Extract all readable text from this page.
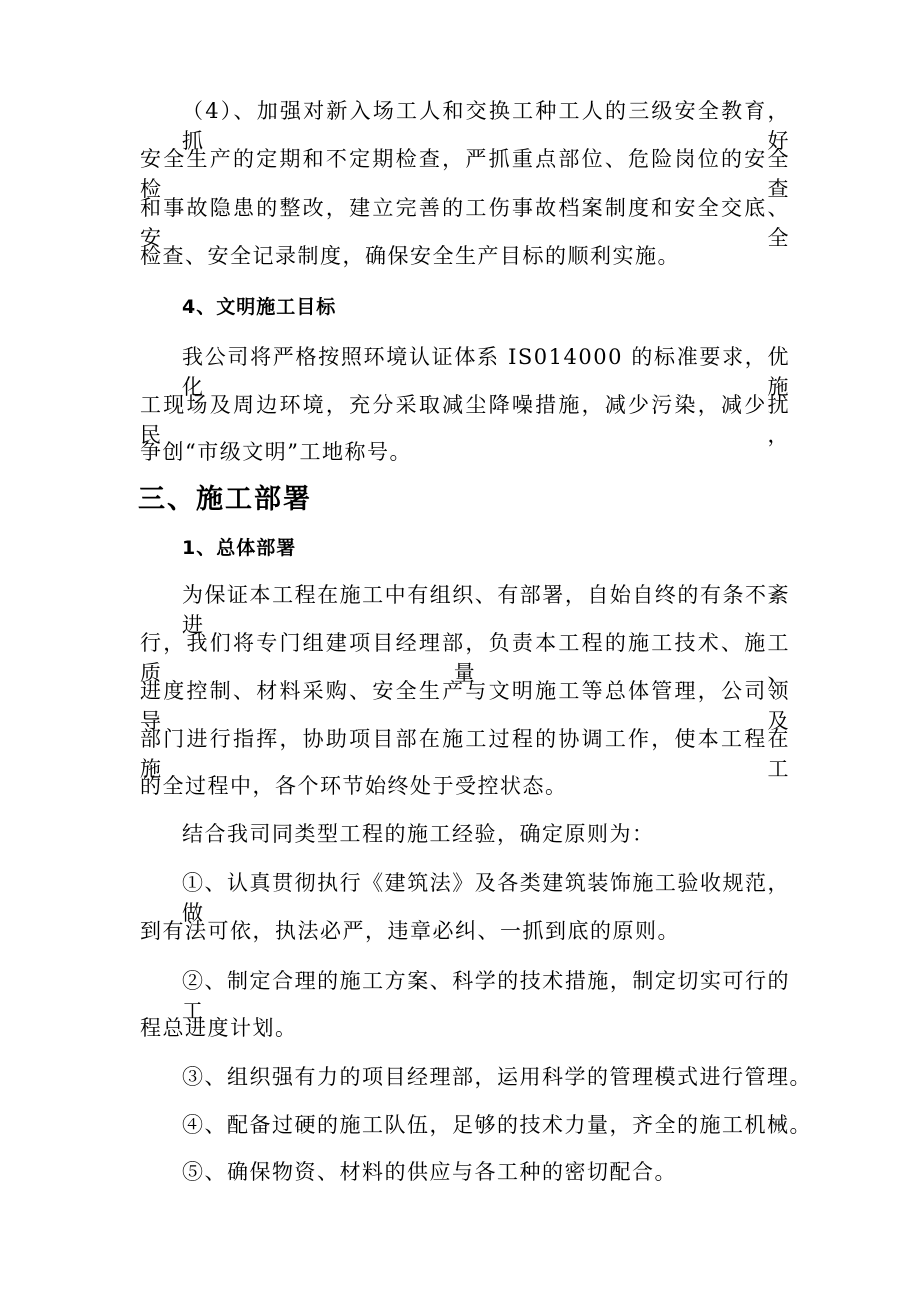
（4）、加强对新入场工人和交换工种工人的三级安全教育，抓好
安全生产的定期和不定期检查，严抓重点部位、危险岗位的安全检查
和事故隐患的整改，建立完善的工伤事故档案制度和安全交底、安全
检查、安全记录制度，确保安全生产目标的顺利实施。
4、文明施工目标
我公司将严格按照环境认证体系 IS014000 的标准要求，优化施
工现场及周边环境，充分采取减尘降噪措施，减少污染，减少扰民，
争创“市级文明”工地称号。
三、施工部署
1、总体部署
为保证本工程在施工中有组织、有部署，自始自终的有条不紊进
行，我们将专门组建项目经理部，负责本工程的施工技术、施工质量、
进度控制、材料采购、安全生产与文明施工等总体管理，公司领导及
部门进行指挥，协助项目部在施工过程的协调工作，使本工程在施工
的全过程中，各个环节始终处于受控状态。
结合我司同类型工程的施工经验，确定原则为：
①、认真贯彻执行《建筑法》及各类建筑装饰施工验收规范，做
到有法可依，执法必严，违章必纠、一抓到底的原则。
②、制定合理的施工方案、科学的技术措施，制定切实可行的工
程总进度计划。
③、组织强有力的项目经理部，运用科学的管理模式进行管理。
④、配备过硬的施工队伍，足够的技术力量，齐全的施工机械。
⑤、确保物资、材料的供应与各工种的密切配合。
